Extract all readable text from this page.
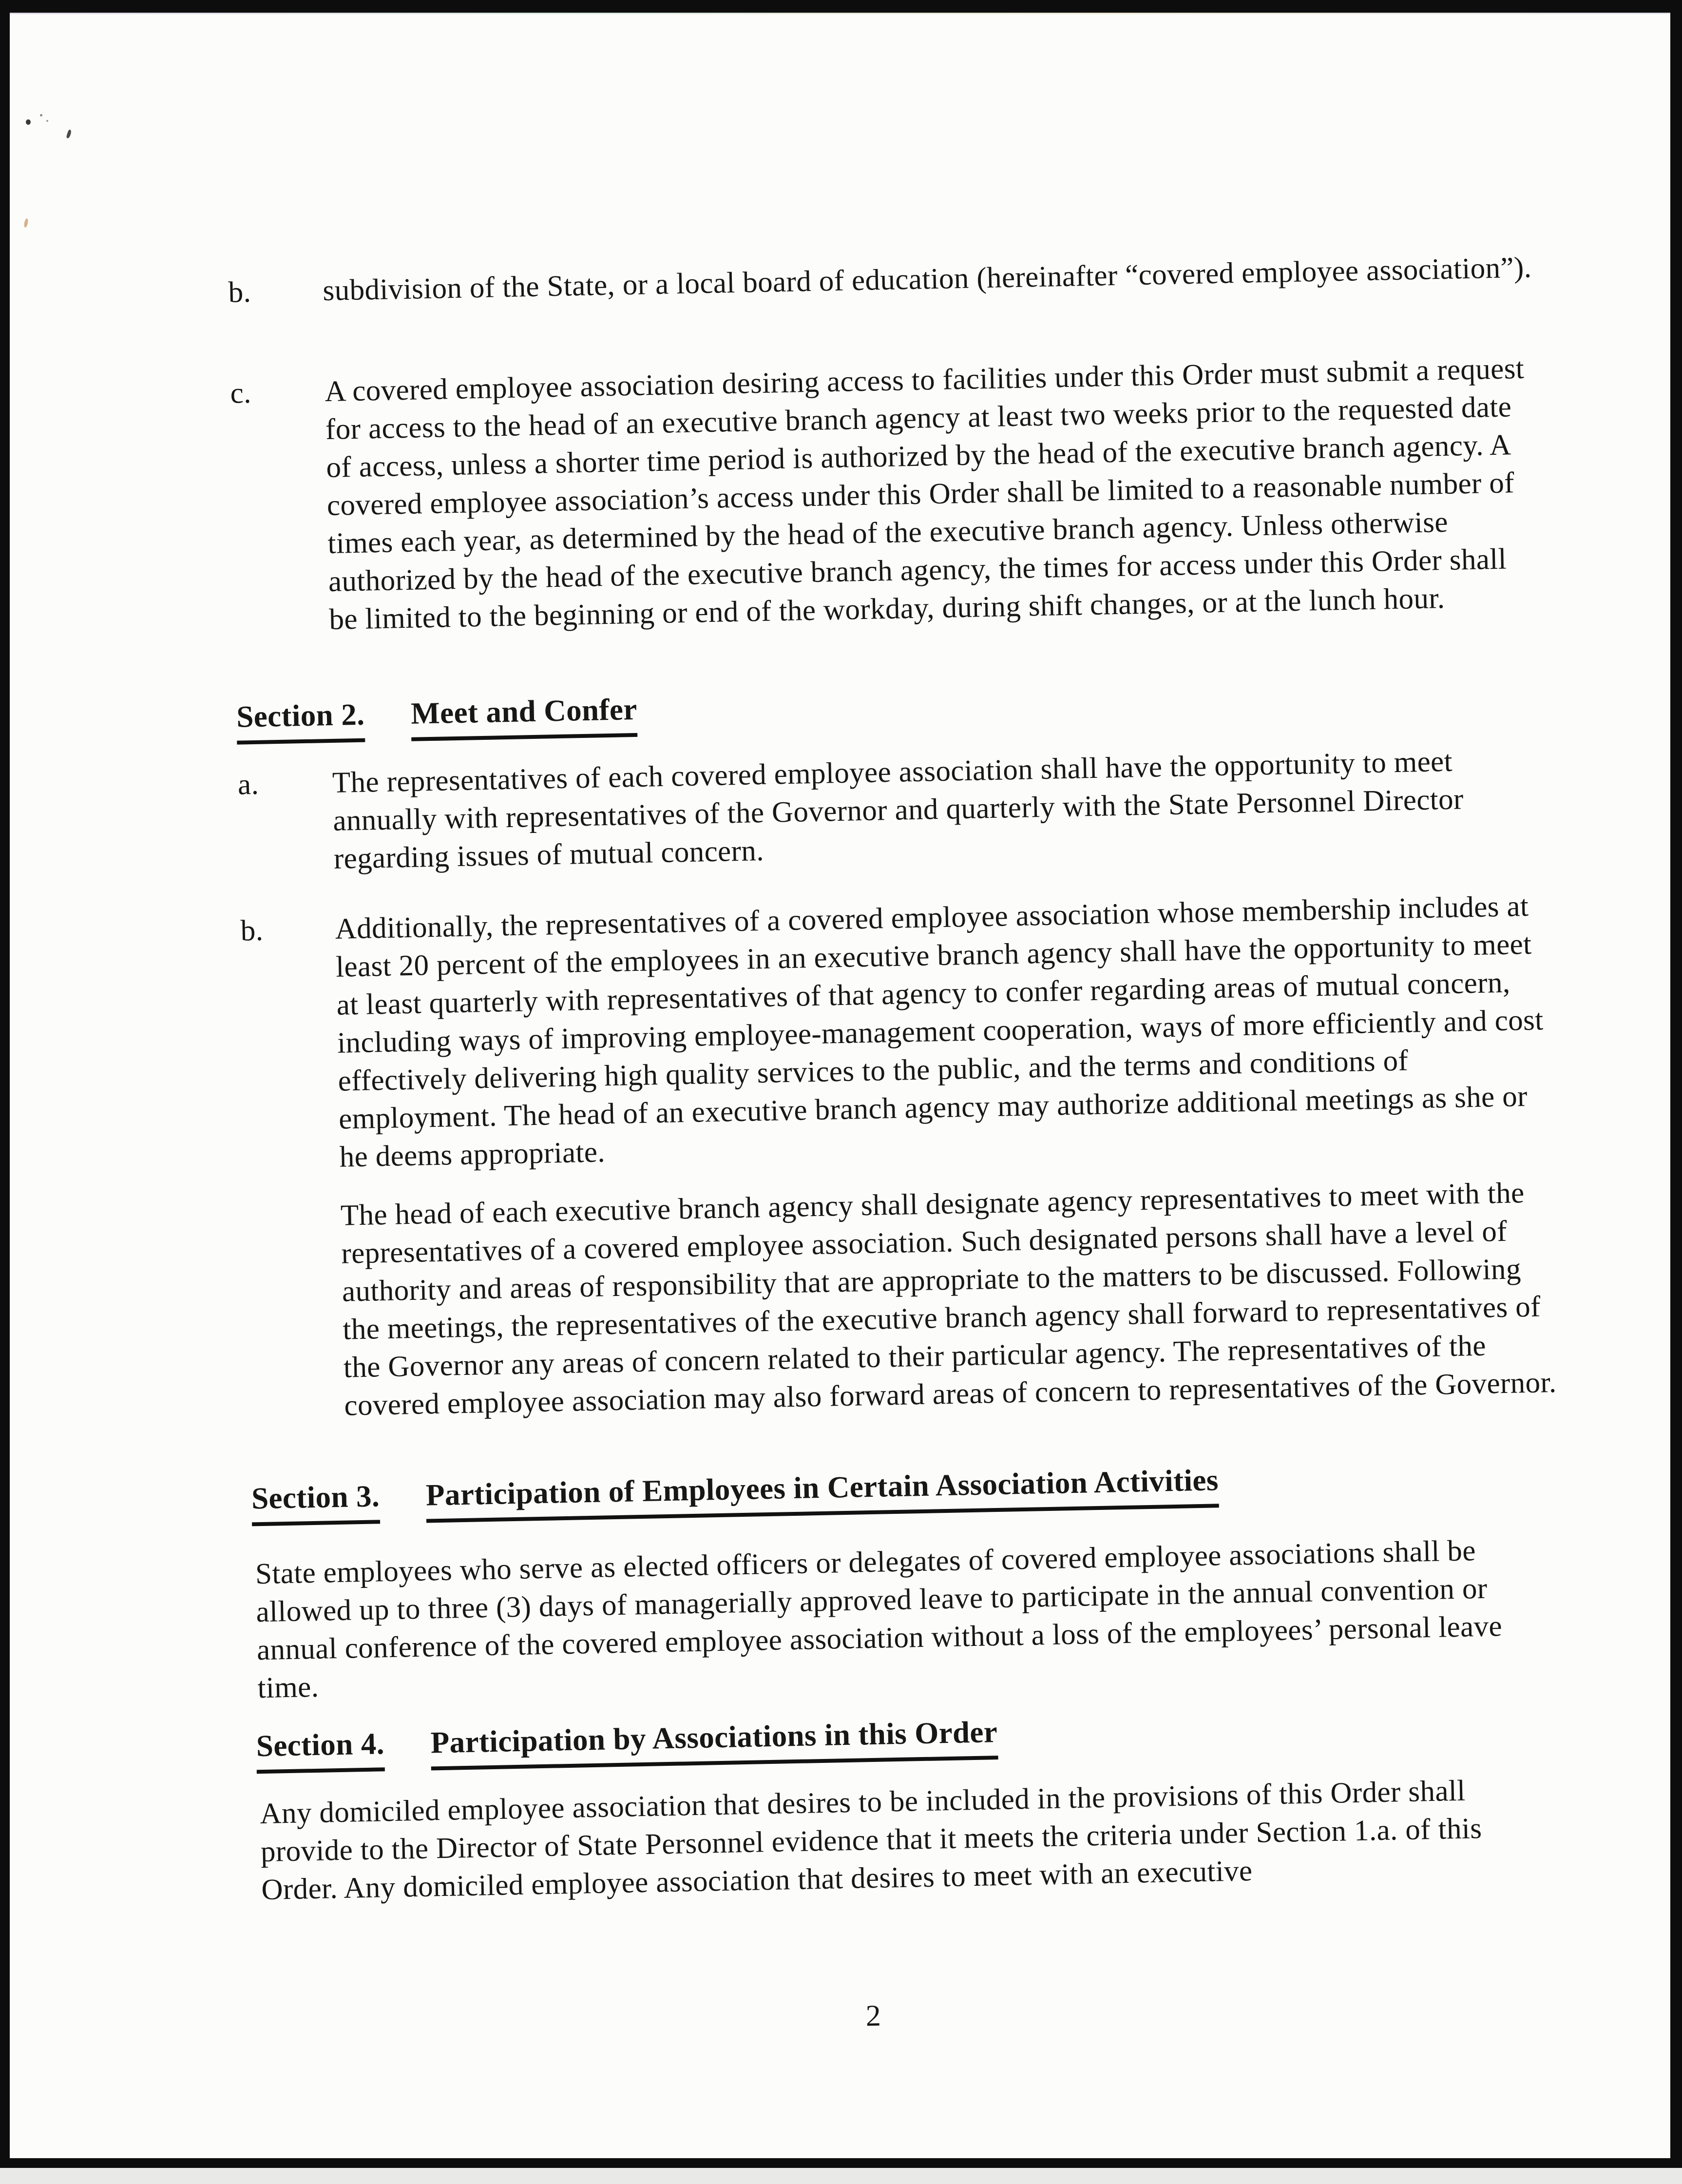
b.	subdivision of the State, or a local board of education (hereinafter “covered employee association”).
c.	A covered employee association desiring access to facilities under this Order must submit a request for access to the head of an executive branch agency at least two weeks prior to the requested date of access, unless a shorter time period is authorized by the head of the executive branch agency. A covered employee association’s access under this Order shall be limited to a reasonable number of times each year, as determined by the head of the executive branch agency. Unless otherwise authorized by the head of the executive branch agency, the times for access under this Order shall be limited to the beginning or end of the workday, during shift changes, or at the lunch hour.
Section 2. Meet and Confer
a.	The representatives of each covered employee association shall have the opportunity to meet annually with representatives of the Governor and quarterly with the State Personnel Director regarding issues of mutual concern.
b.	Additionally, the representatives of a covered employee association whose membership includes at least 20 percent of the employees in an executive branch agency shall have the opportunity to meet at least quarterly with representatives of that agency to confer regarding areas of mutual concern, including ways of improving employee-management cooperation, ways of more efficiently and cost effectively delivering high quality services to the public, and the terms and conditions of employment. The head of an executive branch agency may authorize additional meetings as she or he deems appropriate.
The head of each executive branch agency shall designate agency representatives to meet with the representatives of a covered employee association. Such designated persons shall have a level of authority and areas of responsibility that are appropriate to the matters to be discussed. Following the meetings, the representatives of the executive branch agency shall forward to representatives of the Governor any areas of concern related to their particular agency. The representatives of the covered employee association may also forward areas of concern to representatives of the Governor.
Section 3. Participation of Employees in Certain Association Activities
State employees who serve as elected officers or delegates of covered employee associations shall be allowed up to three (3) days of managerially approved leave to participate in the annual convention or annual conference of the covered employee association without a loss of the employees’ personal leave time.
Section 4. Participation by Associations in this Order
Any domiciled employee association that desires to be included in the provisions of this Order shall provide to the Director of State Personnel evidence that it meets the criteria under Section 1.a. of this Order. Any domiciled employee association that desires to meet with an executive
2
